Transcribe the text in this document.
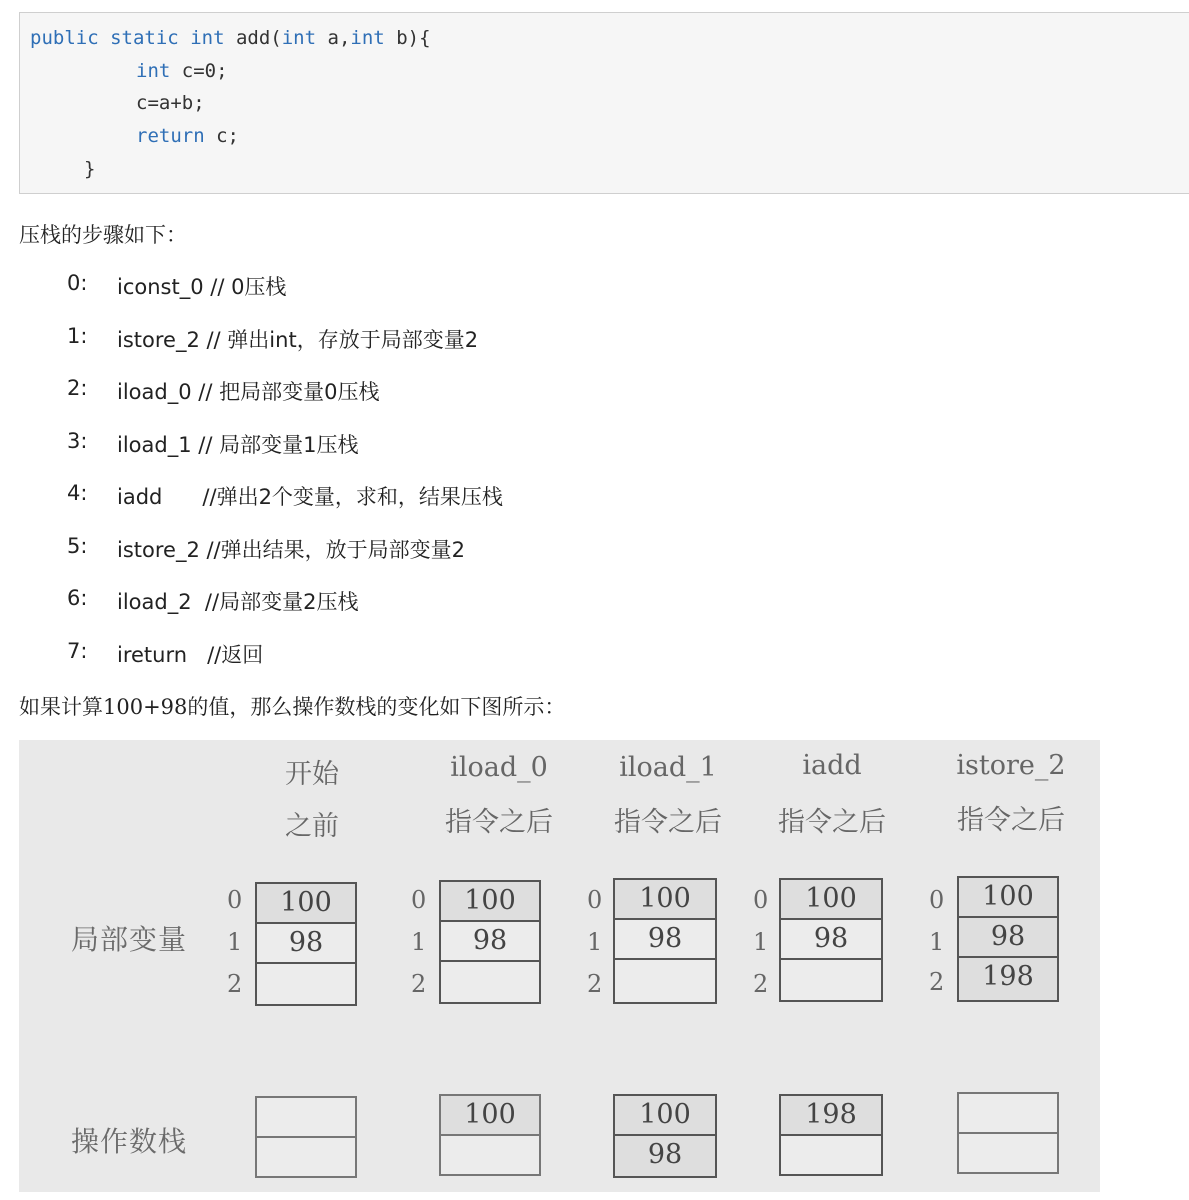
public static int add(int a,int b){
int c=0;
c=a+b;
return c;
}
压栈的步骤如下：
0: iconst_0 // 0压栈
1: istore_2 // 弹出int，存放于局部变量2
2: iload_0 // 把局部变量0压栈
3: iload_1 // 局部变量1压栈
4: iadd      //弹出2个变量，求和，结果压栈
5: istore_2 //弹出结果，放于局部变量2
6: iload_2  //局部变量2压栈
7: ireturn   //返回
如果计算100+98的值，那么操作数栈的变化如下图所示：
局部变量
操作数栈
开始
之前
0
1
2
100
98
iload_0
指令之后
0
1
2
100
98
100
iload_1
指令之后
0
1
2
100
98
100
98
iadd
指令之后
0
1
2
100
98
198
istore_2
指令之后
0
1
2
100
98
198
